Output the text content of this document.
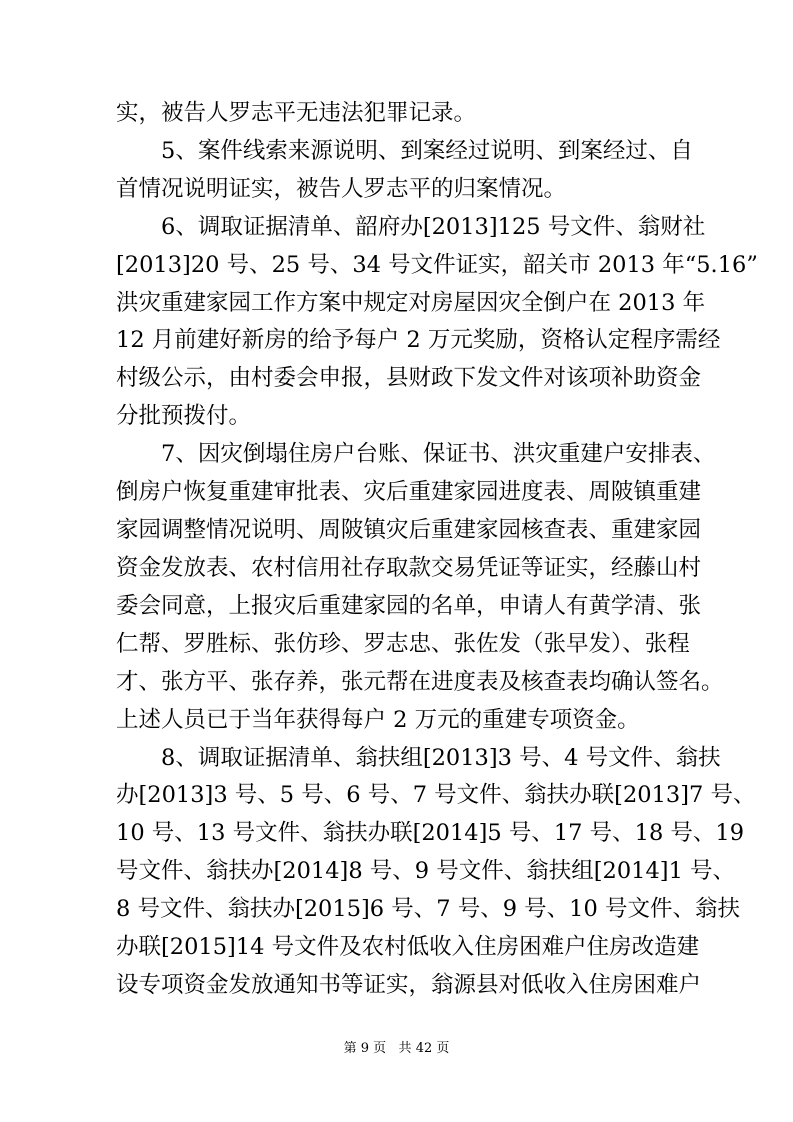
实，被告人罗志平无违法犯罪记录。
5、案件线索来源说明、到案经过说明、到案经过、自
首情况说明证实，被告人罗志平的归案情况。
6、调取证据清单、韶府办[2013]125 号文件、翁财社
[2013]20 号、25 号、34 号文件证实，韶关市 2013 年“5.16”
洪灾重建家园工作方案中规定对房屋因灾全倒户在 2013 年
12 月前建好新房的给予每户 2 万元奖励，资格认定程序需经
村级公示，由村委会申报，县财政下发文件对该项补助资金
分批预拨付。
7、因灾倒塌住房户台账、保证书、洪灾重建户安排表、
倒房户恢复重建审批表、灾后重建家园进度表、周陂镇重建
家园调整情况说明、周陂镇灾后重建家园核查表、重建家园
资金发放表、农村信用社存取款交易凭证等证实，经藤山村
委会同意，上报灾后重建家园的名单，申请人有黄学清、张
仁帮、罗胜标、张仿珍、罗志忠、张佐发（张早发）、张程
才、张方平、张存养，张元帮在进度表及核查表均确认签名。
上述人员已于当年获得每户 2 万元的重建专项资金。
8、调取证据清单、翁扶组[2013]3 号、4 号文件、翁扶
办[2013]3 号、5 号、6 号、7 号文件、翁扶办联[2013]7 号、
10 号、13 号文件、翁扶办联[2014]5 号、17 号、18 号、19
号文件、翁扶办[2014]8 号、9 号文件、翁扶组[2014]1 号、
8 号文件、翁扶办[2015]6 号、7 号、9 号、10 号文件、翁扶
办联[2015]14 号文件及农村低收入住房困难户住房改造建
设专项资金发放通知书等证实，翁源县对低收入住房困难户
第 9 页   共 42 页
